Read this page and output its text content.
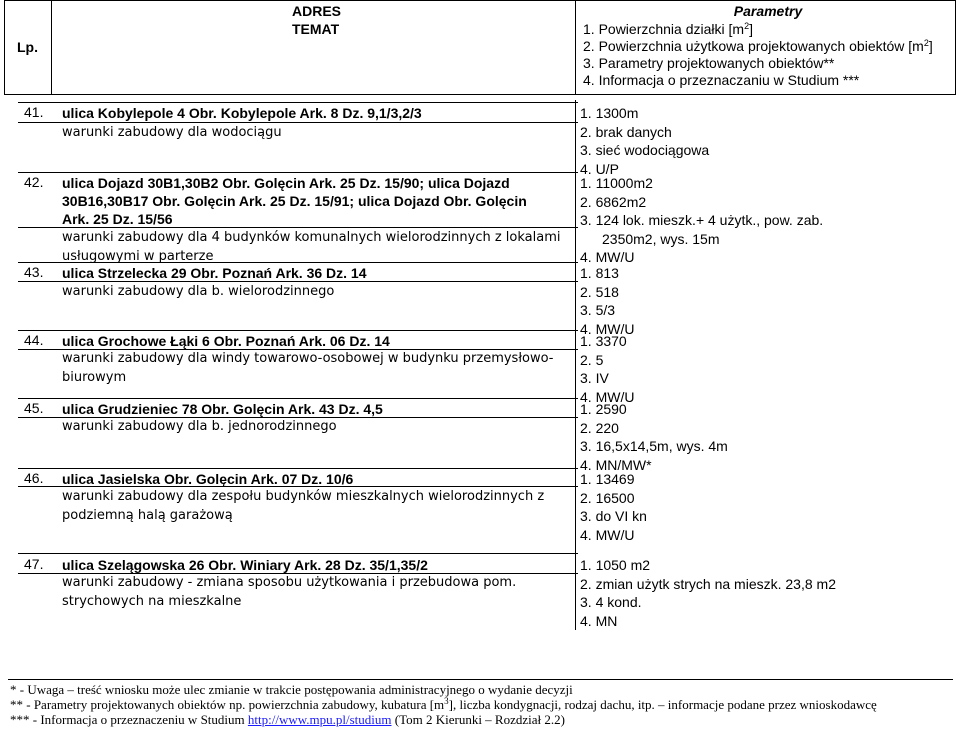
Lp.
ADRES
TEMAT
Parametry
1. Powierzchnia działki $[m^2]$
2. Powierzchnia użytkowa projektowanych obiektów $[m^2]$
3. Parametry projektowanych obiektów**
4. Informacja o przeznaczaniu w Studium ***
41. ulica Kobylepole 4 Obr. Kobylepole Ark. 8 Dz. 9,1/3,2/3
warunki zabudowy dla wodociągu
1. 1300m
2. brak danych
3. sieć wodociągowa
4. U/P
42. ulica Dojazd 30B1,30B2 Obr. Golęcin Ark. 25 Dz. 15/90; ulica Dojazd 30B16,30B17 Obr. Golęcin Ark. 25 Dz. 15/91; ulica Dojazd Obr. Golęcin Ark. 25 Dz. 15/56
warunki zabudowy dla 4 budynków komunalnych wielorodzinnych z lokalami usługowymi w parterze
1. 11000m2
2. 6862m2
3. 124 lok. mieszk.+ 4 użytk., pow. zab. 2350m2, wys. 15m
4. MW/U
43. ulica Strzelecka 29 Obr. Poznań Ark. 36 Dz. 14
warunki zabudowy dla b. wielorodzinnego
1. 813
2. 518
3. 5/3
4. MW/U
44. ulica Grochowe Łąki 6 Obr. Poznań Ark. 06 Dz. 14
warunki zabudowy dla windy towarowo-osobowej w budynku przemysłowo-biurowym
1. 3370
2. 5
3. IV
4. MW/U
45. ulica Grudzieniec 78 Obr. Golęcin Ark. 43 Dz. 4,5
warunki zabudowy dla b. jednorodzinnego
1. 2590
2. 220
3. 16,5x14,5m, wys. 4m
4. MN/MW*
46. ulica Jasielska Obr. Golęcin Ark. 07 Dz. 10/6
warunki zabudowy dla zespołu budynków mieszkalnych wielorodzinnych z podziemną halą garażową
1. 13469
2. 16500
3. do VI kn
4. MW/U
47. ulica Szelągowska 26 Obr. Winiary Ark. 28 Dz. 35/1,35/2
warunki zabudowy - zmiana sposobu użytkowania i przebudowa pom. strychowych na mieszkalne
1. 1050 m2
2. zmian użytk strych na mieszk. 23,8 m2
3. 4 kond.
4. MN
* - Uwaga – treść wniosku może ulec zmianie w trakcie postępowania administracyjnego o wydanie decyzji
** - Parametry projektowanych obiektów np. powierzchnia zabudowy, kubatura $[m^3]$, liczba kondygnacji, rodzaj dachu, itp. – informacje podane przez wnioskodawcę
*** - Informacja o przeznaczeniu w Studium http://www.mpu.pl/studium (Tom 2 Kierunki – Rozdział 2.2)
